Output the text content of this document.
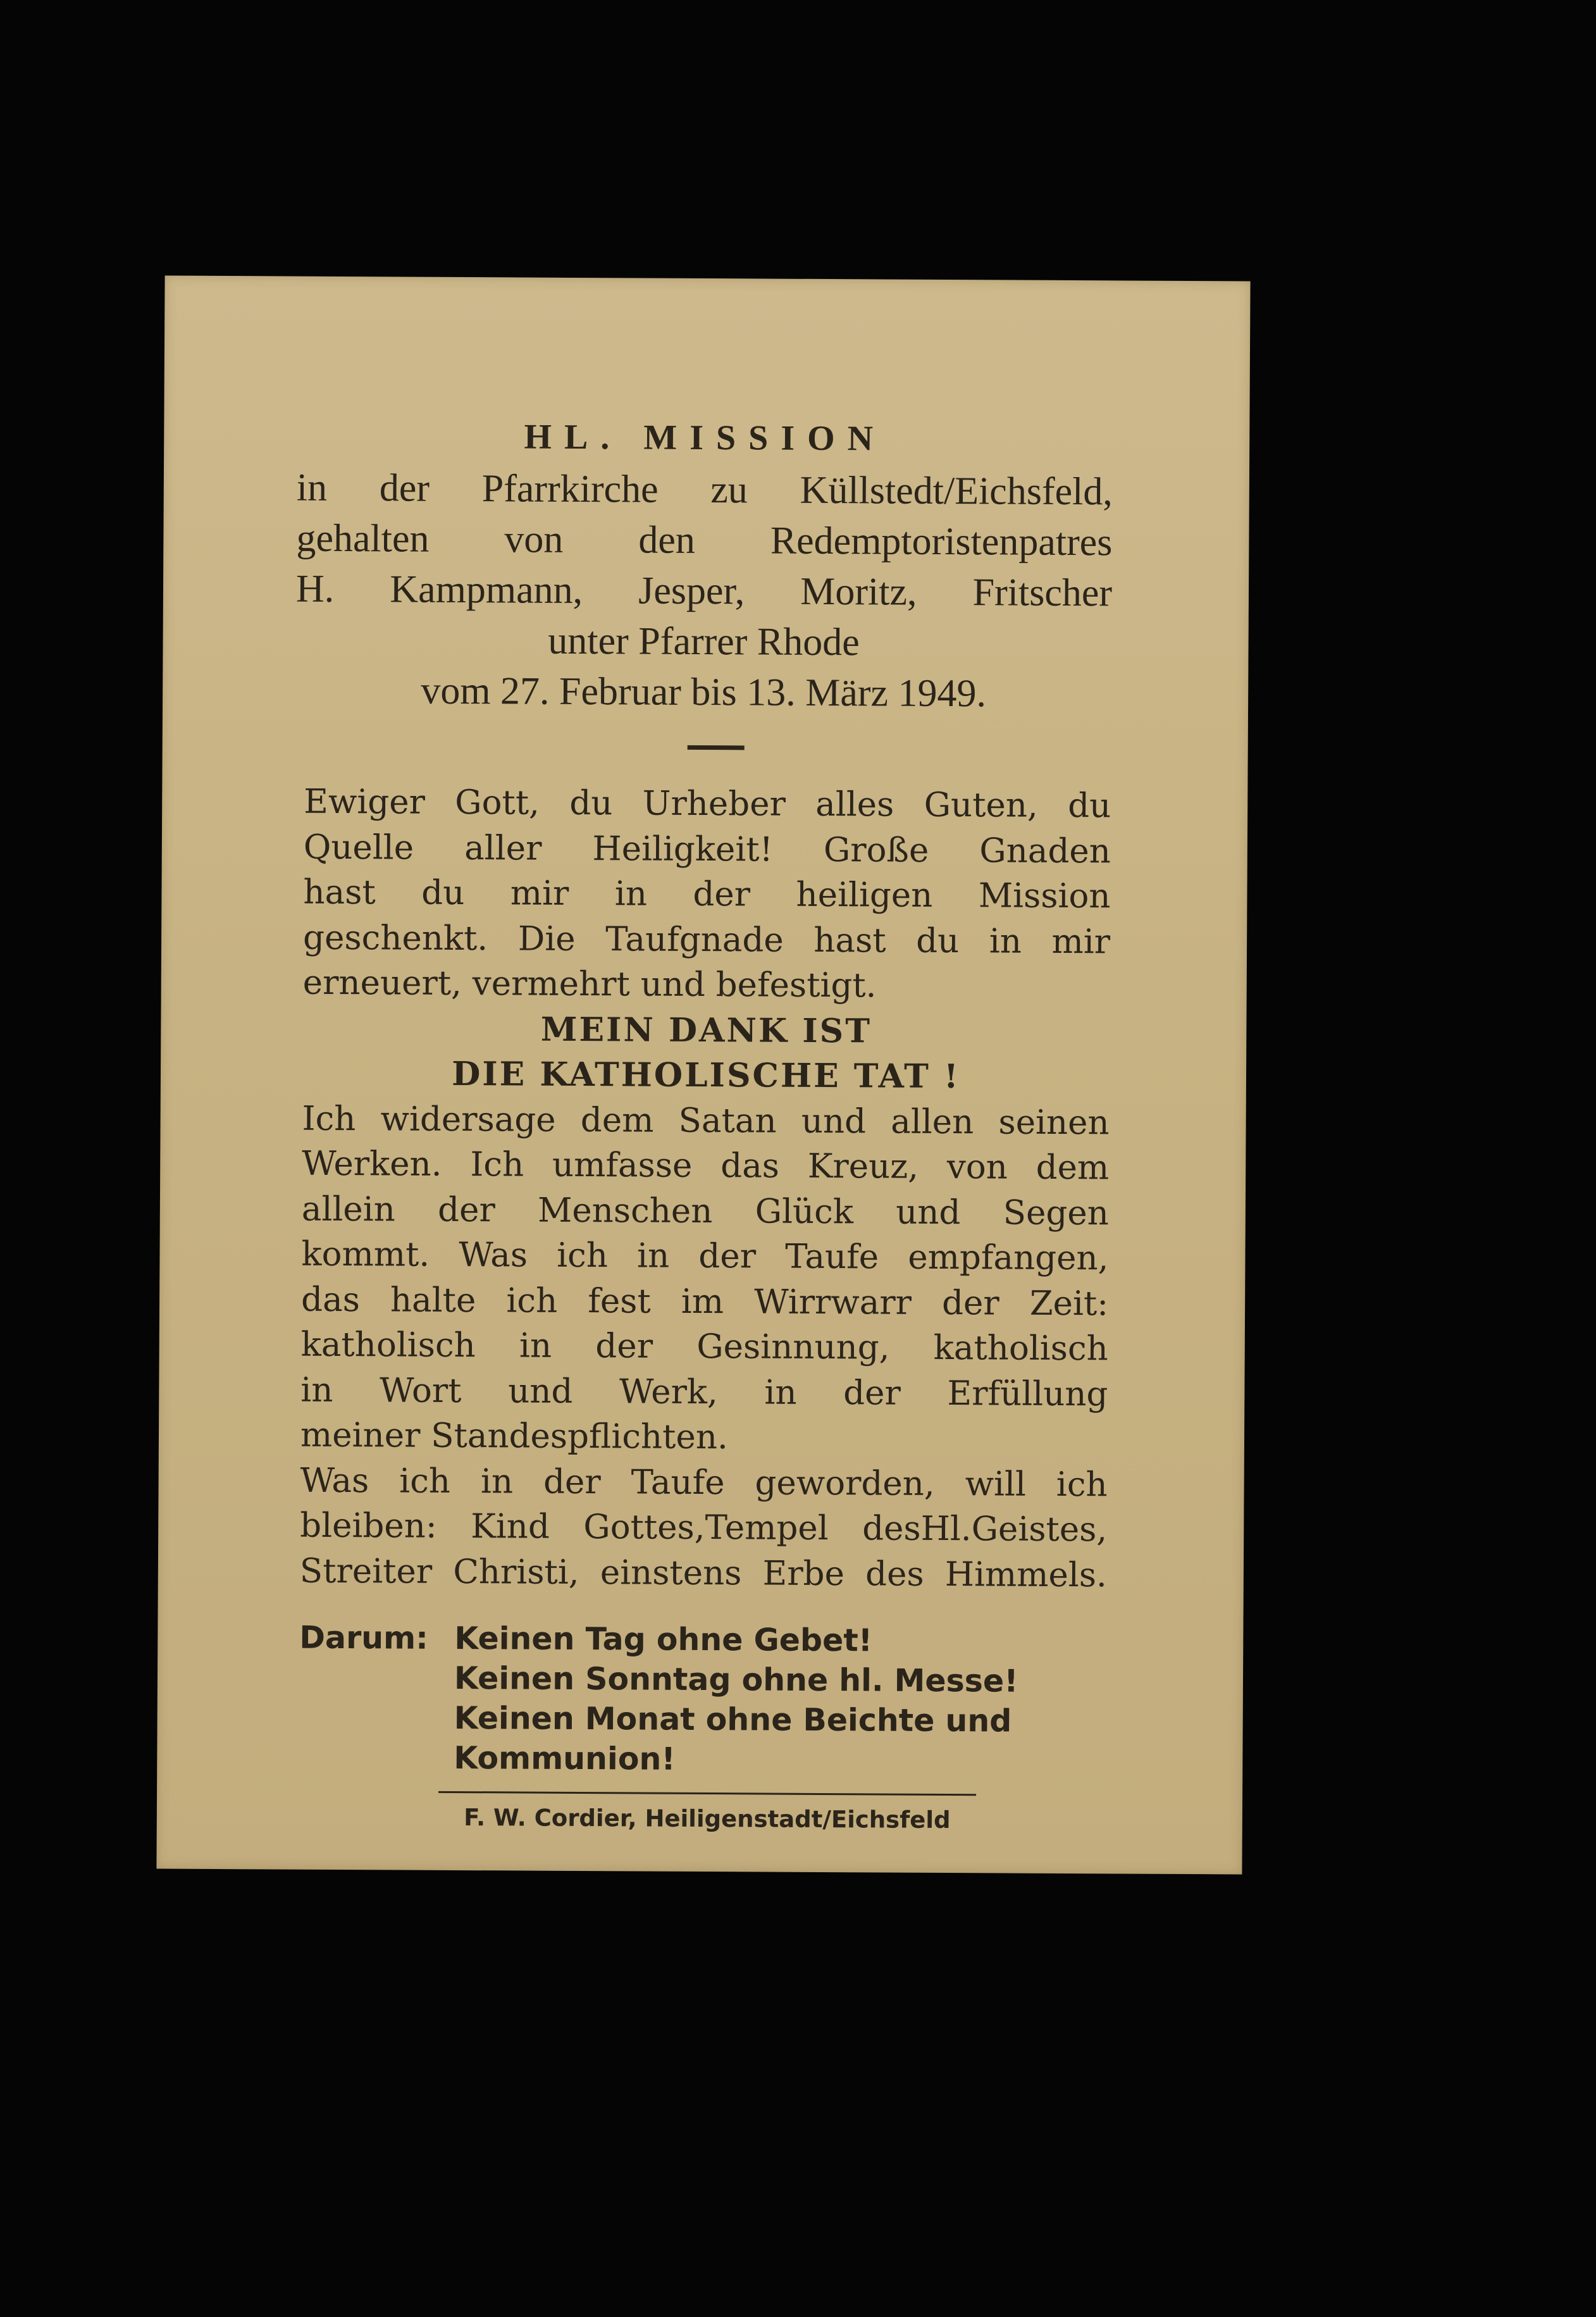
HL. MISSION
in der Pfarrkirche zu Küllstedt/Eichsfeld,
gehalten von den Redemptoristenpatres
H. Kampmann, Jesper, Moritz, Fritscher
unter Pfarrer Rhode
vom 27. Februar bis 13. März 1949.
Ewiger Gott, du Urheber alles Guten, du
Quelle aller Heiligkeit! Große Gnaden
hast du mir in der heiligen Mission
geschenkt. Die Taufgnade hast du in mir
erneuert, vermehrt und befestigt.
MEIN DANK IST
DIE KATHOLISCHE TAT !
Ich widersage dem Satan und allen seinen
Werken. Ich umfasse das Kreuz, von dem
allein der Menschen Glück und Segen
kommt. Was ich in der Taufe empfangen,
das halte ich fest im Wirrwarr der Zeit:
katholisch in der Gesinnung, katholisch
in Wort und Werk, in der Erfüllung
meiner Standespflichten.
Was ich in der Taufe geworden, will ich
bleiben: Kind Gottes,Tempel desHl.Geistes,
Streiter Christi, einstens Erbe des Himmels.
Darum: Keinen Tag ohne Gebet!
Keinen Sonntag ohne hl. Messe!
Keinen Monat ohne Beichte und
Kommunion!
F. W. Cordier, Heiligenstadt/Eichsfeld
